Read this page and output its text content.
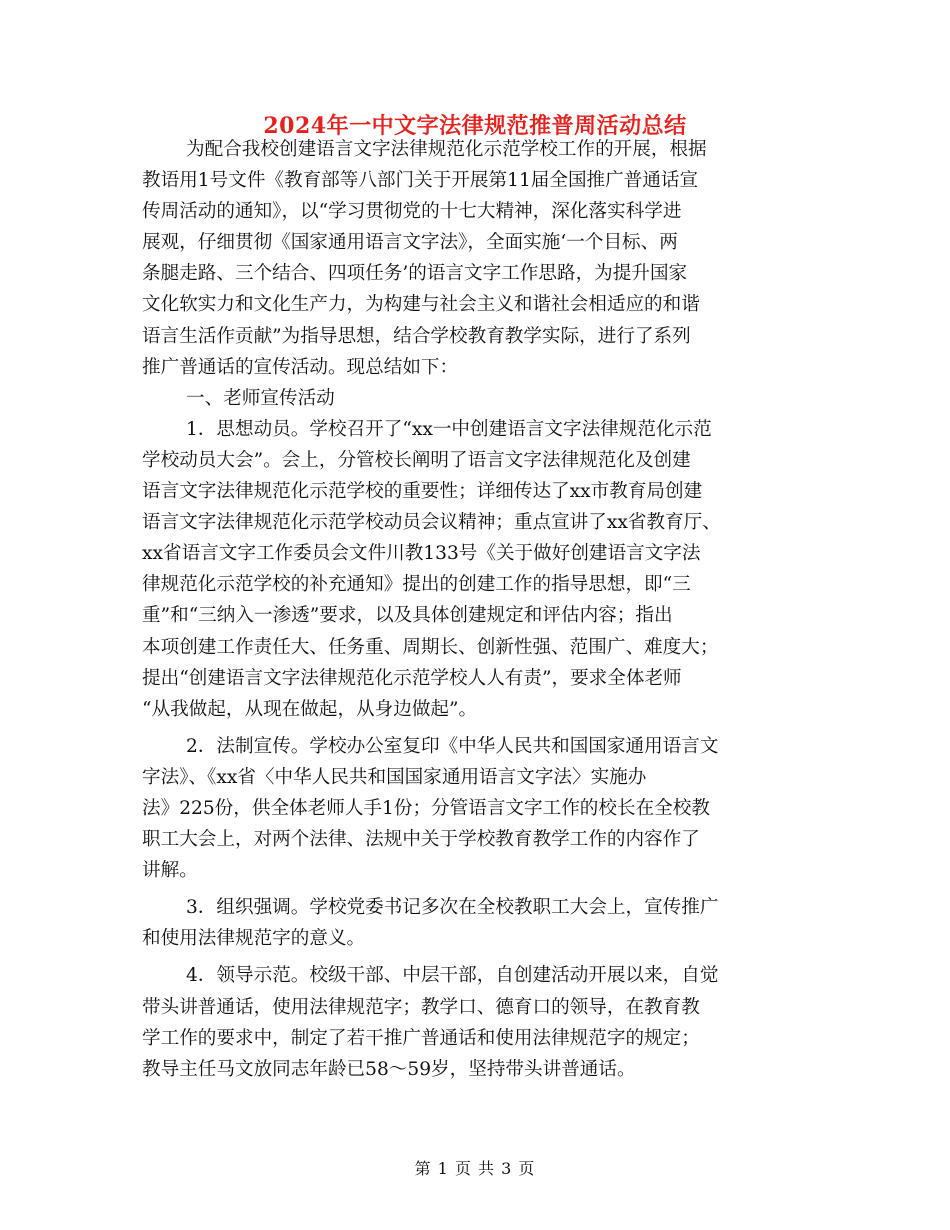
2024年一中文字法律规范推普周活动总结
为配合我校创建语言文字法律规范化示范学校工作的开展，根据
教语用1号文件《教育部等八部门关于开展第11届全国推广普通话宣
传周活动的通知》，以“学习贯彻党的十七大精神，深化落实科学进
展观，仔细贯彻《国家通用语言文字法》，全面实施‘一个目标、两
条腿走路、三个结合、四项任务’的语言文字工作思路，为提升国家
文化软实力和文化生产力，为构建与社会主义和谐社会相适应的和谐
语言生活作贡献”为指导思想，结合学校教育教学实际，进行了系列
推广普通话的宣传活动。现总结如下：
一、老师宣传活动
1．思想动员。学校召开了“xx一中创建语言文字法律规范化示范
学校动员大会”。会上，分管校长阐明了语言文字法律规范化及创建
语言文字法律规范化示范学校的重要性；详细传达了xx市教育局创建
语言文字法律规范化示范学校动员会议精神；重点宣讲了xx省教育厅、
xx省语言文字工作委员会文件川教133号《关于做好创建语言文字法
律规范化示范学校的补充通知》提出的创建工作的指导思想，即“三
重”和“三纳入一渗透”要求，以及具体创建规定和评估内容；指出
本项创建工作责任大、任务重、周期长、创新性强、范围广、难度大；
提出“创建语言文字法律规范化示范学校人人有责”，要求全体老师
“从我做起，从现在做起，从身边做起”。
2．法制宣传。学校办公室复印《中华人民共和国国家通用语言文
字法》、《xx省〈中华人民共和国国家通用语言文字法〉实施办
法》225份，供全体老师人手1份；分管语言文字工作的校长在全校教
职工大会上，对两个法律、法规中关于学校教育教学工作的内容作了
讲解。
3．组织强调。学校党委书记多次在全校教职工大会上，宣传推广
和使用法律规范字的意义。
4．领导示范。校级干部、中层干部，自创建活动开展以来，自觉
带头讲普通话，使用法律规范字；教学口、德育口的领导，在教育教
学工作的要求中，制定了若干推广普通话和使用法律规范字的规定；
教导主任马文放同志年龄已58～59岁，坚持带头讲普通话。
第 1 页 共 3 页
